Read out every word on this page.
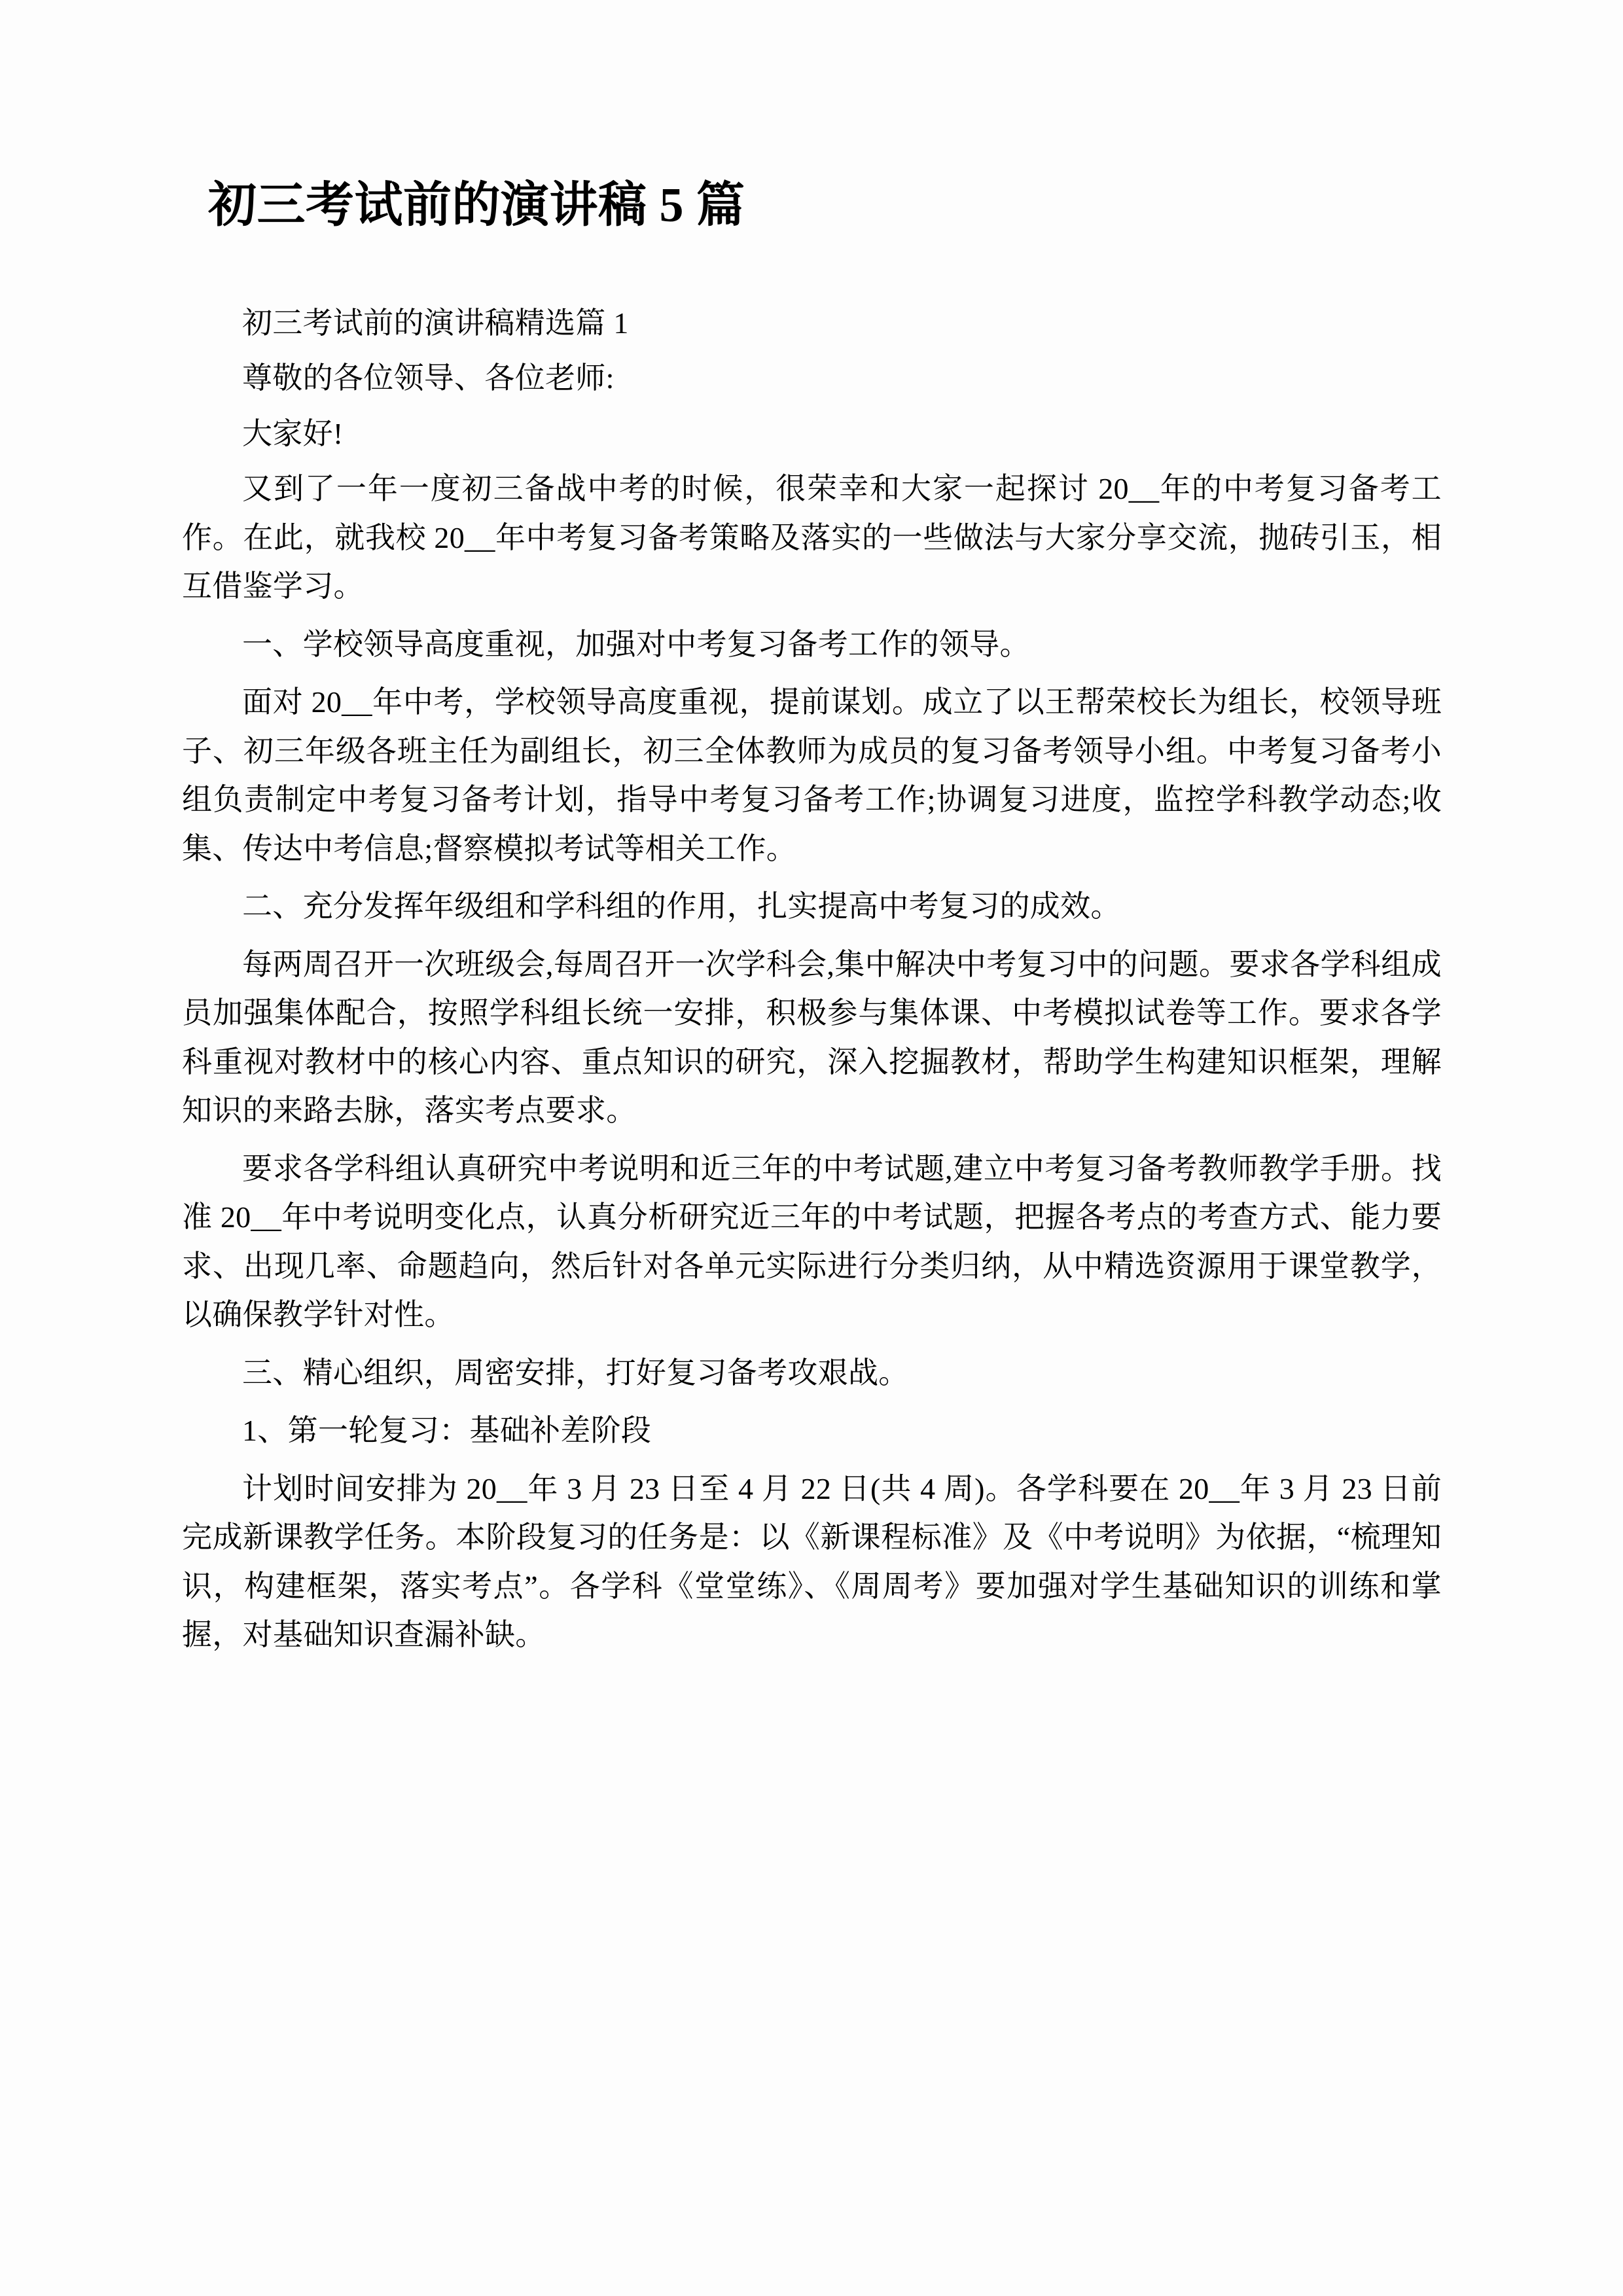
初三考试前的演讲稿 5 篇

初三考试前的演讲稿精选篇 1

尊敬的各位领导、各位老师:

大家好!

又到了一年一度初三备战中考的时候，很荣幸和大家一起探讨 20__年的中考复习备考工作。在此，就我校 20__年中考复习备考策略及落实的一些做法与大家分享交流，抛砖引玉，相互借鉴学习。

一、学校领导高度重视，加强对中考复习备考工作的领导。

面对 20__年中考，学校领导高度重视，提前谋划。成立了以王帮荣校长为组长，校领导班子、初三年级各班主任为副组长，初三全体教师为成员的复习备考领导小组。中考复习备考小组负责制定中考复习备考计划，指导中考复习备考工作;协调复习进度，监控学科教学动态;收集、传达中考信息;督察模拟考试等相关工作。

二、充分发挥年级组和学科组的作用，扎实提高中考复习的成效。

每两周召开一次班级会,每周召开一次学科会,集中解决中考复习中的问题。要求各学科组成员加强集体配合，按照学科组长统一安排，积极参与集体课、中考模拟试卷等工作。要求各学科重视对教材中的核心内容、重点知识的研究，深入挖掘教材，帮助学生构建知识框架，理解知识的来路去脉，落实考点要求。

要求各学科组认真研究中考说明和近三年的中考试题,建立中考复习备考教师教学手册。找准 20__年中考说明变化点，认真分析研究近三年的中考试题，把握各考点的考查方式、能力要求、出现几率、命题趋向，然后针对各单元实际进行分类归纳，从中精选资源用于课堂教学，以确保教学针对性。

三、精心组织，周密安排，打好复习备考攻艰战。

1、第一轮复习：基础补差阶段

计划时间安排为 20__年 3 月 23 日至 4 月 22 日(共 4 周)。各学科要在 20__年 3 月 23 日前完成新课教学任务。本阶段复习的任务是：以《新课程标准》及《中考说明》为依据，“梳理知识，构建框架，落实考点”。各学科《堂堂练》、《周周考》要加强对学生基础知识的训练和掌握，对基础知识查漏补缺。
